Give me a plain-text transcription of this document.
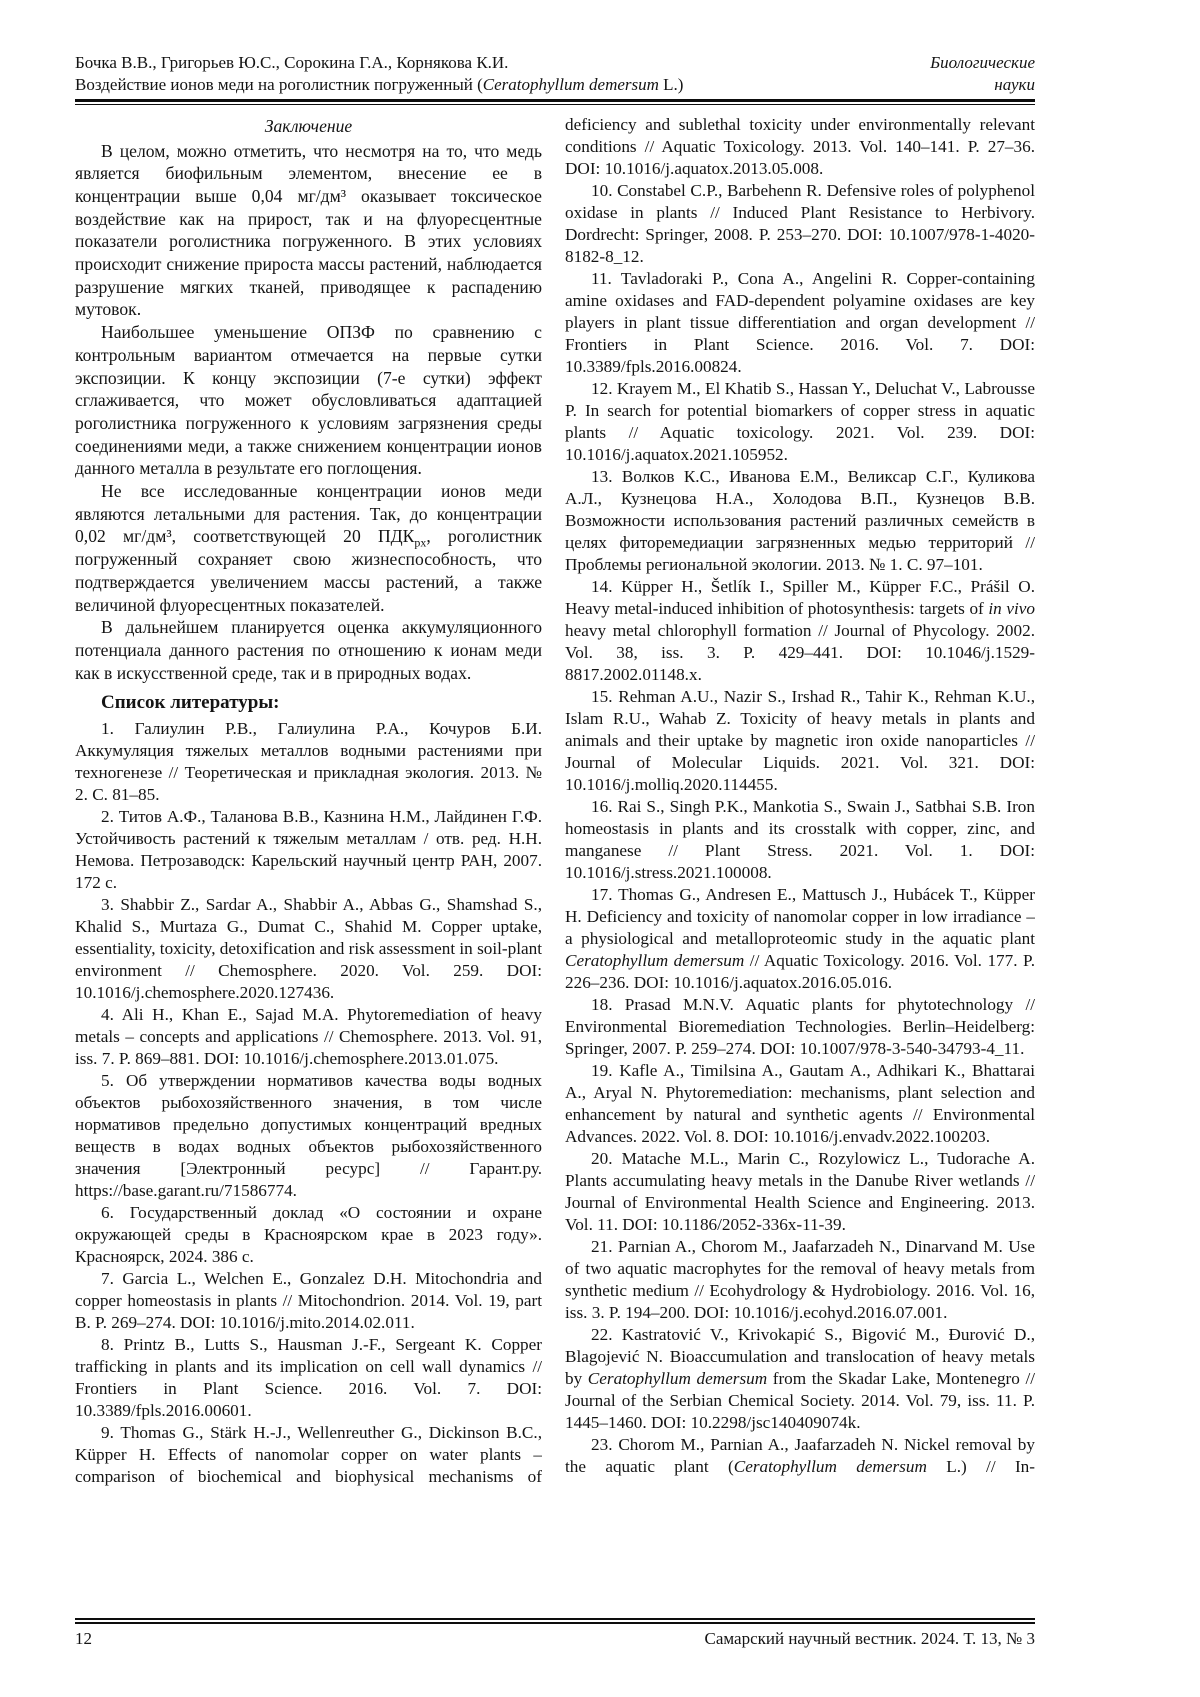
Бочка В.В., Григорьев Ю.С., Сорокина Г.А., Корнякова К.И.	Биологические
Воздействие ионов меди на роголистник погруженный (Ceratophyllum demersum L.)	науки

Заключение

В целом, можно отметить, что несмотря на то, что медь является биофильным элементом, внесение ее в концентрации выше 0,04 мг/дм³ оказывает токсическое воздействие как на прирост, так и на флуоресцентные показатели роголистника погруженного. В этих условиях происходит снижение прироста массы растений, наблюдается разрушение мягких тканей, приводящее к распадению мутовок.

Наибольшее уменьшение ОПЗФ по сравнению с контрольным вариантом отмечается на первые сутки экспозиции. К концу экспозиции (7-е сутки) эффект сглаживается, что может обусловливаться адаптацией роголистника погруженного к условиям загрязнения среды соединениями меди, а также снижением концентрации ионов данного металла в результате его поглощения.

Не все исследованные концентрации ионов меди являются летальными для растения. Так, до концентрации 0,02 мг/дм³, соответствующей 20 $ПДК_{рх}$, роголистник погруженный сохраняет свою жизнеспособность, что подтверждается увеличением массы растений, а также величиной флуоресцентных показателей.

В дальнейшем планируется оценка аккумуляционного потенциала данного растения по отношению к ионам меди как в искусственной среде, так и в природных водах.

Список литературы:

1. Галиулин Р.В., Галиулина Р.А., Кочуров Б.И. Аккумуляция тяжелых металлов водными растениями при техногенезе // Теоретическая и прикладная экология. 2013. № 2. С. 81–85.

2. Титов А.Ф., Таланова В.В., Казнина Н.М., Лайдинен Г.Ф. Устойчивость растений к тяжелым металлам / отв. ред. Н.Н. Немова. Петрозаводск: Карельский научный центр РАН, 2007. 172 с.

3. Shabbir Z., Sardar A., Shabbir A., Abbas G., Shamshad S., Khalid S., Murtaza G., Dumat C., Shahid M. Copper uptake, essentiality, toxicity, detoxification and risk assessment in soil-plant environment // Chemosphere. 2020. Vol. 259. DOI: 10.1016/j.chemosphere.2020.127436.

4. Ali H., Khan E., Sajad M.A. Phytoremediation of heavy metals – concepts and applications // Chemosphere. 2013. Vol. 91, iss. 7. P. 869–881. DOI: 10.1016/j.chemosphere.2013.01.075.

5. Об утверждении нормативов качества воды водных объектов рыбохозяйственного значения, в том числе нормативов предельно допустимых концентраций вредных веществ в водах водных объектов рыбохозяйственного значения [Электронный ресурс] // Гарант.ру. https://base.garant.ru/71586774.

6. Государственный доклад «О состоянии и охране окружающей среды в Красноярском крае в 2023 году». Красноярск, 2024. 386 с.

7. Garcia L., Welchen E., Gonzalez D.H. Mitochondria and copper homeostasis in plants // Mitochondrion. 2014. Vol. 19, part B. P. 269–274. DOI: 10.1016/j.mito.2014.02.011.

8. Printz B., Lutts S., Hausman J.-F., Sergeant K. Copper trafficking in plants and its implication on cell wall dynamics // Frontiers in Plant Science. 2016. Vol. 7. DOI: 10.3389/fpls.2016.00601.

9. Thomas G., Stärk H.-J., Wellenreuther G., Dickinson B.C., Küpper H. Effects of nanomolar copper on water plants – comparison of biochemical and biophysical mechanisms of

deficiency and sublethal toxicity under environmentally relevant conditions // Aquatic Toxicology. 2013. Vol. 140–141. P. 27–36. DOI: 10.1016/j.aquatox.2013.05.008.

10. Constabel C.P., Barbehenn R. Defensive roles of polyphenol oxidase in plants // Induced Plant Resistance to Herbivory. Dordrecht: Springer, 2008. P. 253–270. DOI: 10.1007/978-1-4020-8182-8_12.

11. Tavladoraki P., Cona A., Angelini R. Copper-containing amine oxidases and FAD-dependent polyamine oxidases are key players in plant tissue differentiation and organ development // Frontiers in Plant Science. 2016. Vol. 7. DOI: 10.3389/fpls.2016.00824.

12. Krayem M., El Khatib S., Hassan Y., Deluchat V., Labrousse P. In search for potential biomarkers of copper stress in aquatic plants // Aquatic toxicology. 2021. Vol. 239. DOI: 10.1016/j.aquatox.2021.105952.

13. Волков К.С., Иванова Е.М., Великсар С.Г., Куликова А.Л., Кузнецова Н.А., Холодова В.П., Кузнецов В.В. Возможности использования растений различных семейств в целях фиторемедиации загрязненных медью территорий // Проблемы региональной экологии. 2013. № 1. С. 97–101.

14. Küpper H., Šetlík I., Spiller M., Küpper F.C., Prášil O. Heavy metal-induced inhibition of photosynthesis: targets of in vivo heavy metal chlorophyll formation // Journal of Phycology. 2002. Vol. 38, iss. 3. P. 429–441. DOI: 10.1046/j.1529-8817.2002.01148.x.

15. Rehman A.U., Nazir S., Irshad R., Tahir K., Rehman K.U., Islam R.U., Wahab Z. Toxicity of heavy metals in plants and animals and their uptake by magnetic iron oxide nanoparticles // Journal of Molecular Liquids. 2021. Vol. 321. DOI: 10.1016/j.molliq.2020.114455.

16. Rai S., Singh P.K., Mankotia S., Swain J., Satbhai S.B. Iron homeostasis in plants and its crosstalk with copper, zinc, and manganese // Plant Stress. 2021. Vol. 1. DOI: 10.1016/j.stress.2021.100008.

17. Thomas G., Andresen E., Mattusch J., Hubácek T., Küpper H. Deficiency and toxicity of nanomolar copper in low irradiance – a physiological and metalloproteomic study in the aquatic plant Ceratophyllum demersum // Aquatic Toxicology. 2016. Vol. 177. P. 226–236. DOI: 10.1016/j.aquatox.2016.05.016.

18. Prasad M.N.V. Aquatic plants for phytotechnology // Environmental Bioremediation Technologies. Berlin–Heidelberg: Springer, 2007. P. 259–274. DOI: 10.1007/978-3-540-34793-4_11.

19. Kafle A., Timilsina A., Gautam A., Adhikari K., Bhattarai A., Aryal N. Phytoremediation: mechanisms, plant selection and enhancement by natural and synthetic agents // Environmental Advances. 2022. Vol. 8. DOI: 10.1016/j.envadv.2022.100203.

20. Matache M.L., Marin C., Rozylowicz L., Tudorache A. Plants accumulating heavy metals in the Danube River wetlands // Journal of Environmental Health Science and Engineering. 2013. Vol. 11. DOI: 10.1186/2052-336x-11-39.

21. Parnian A., Chorom M., Jaafarzadeh N., Dinarvand M. Use of two aquatic macrophytes for the removal of heavy metals from synthetic medium // Ecohydrology & Hydrobiology. 2016. Vol. 16, iss. 3. P. 194–200. DOI: 10.1016/j.ecohyd.2016.07.001.

22. Kastratović V., Krivokapić S., Bigović M., Đurović D., Blagojević N. Bioaccumulation and translocation of heavy metals by Ceratophyllum demersum from the Skadar Lake, Montenegro // Journal of the Serbian Chemical Society. 2014. Vol. 79, iss. 11. P. 1445–1460. DOI: 10.2298/jsc140409074k.

23. Chorom M., Parnian A., Jaafarzadeh N. Nickel removal by the aquatic plant (Ceratophyllum demersum L.) // In-

12	Самарский научный вестник. 2024. Т. 13, № 3
